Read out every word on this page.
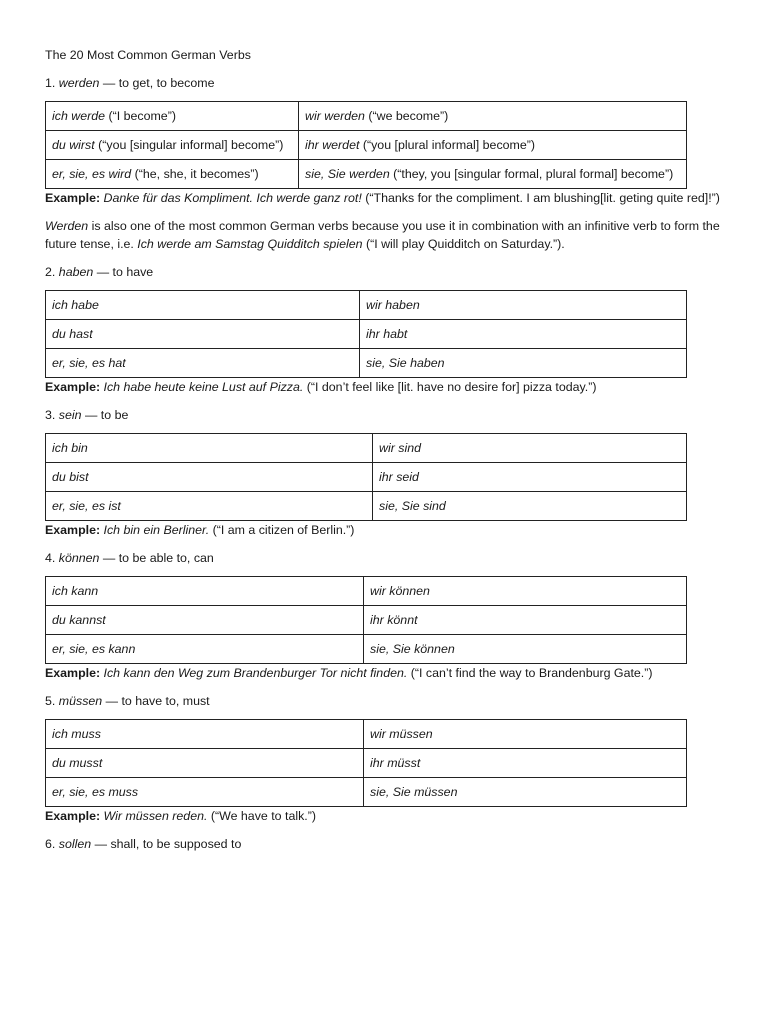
The 20 Most Common German Verbs

1. werden — to get, to become

ich werde (“I become”)	wir werden (“we become”)
du wirst (“you [singular informal] become”)	ihr werdet (“you [plural informal] become”)
er, sie, es wird (“he, she, it becomes”)	sie, Sie werden (“they, you [singular formal, plural formal] become”)

Example: Danke für das Kompliment. Ich werde ganz rot! (“Thanks for the compliment. I am blushing[lit. geting quite red]!”)

Werden is also one of the most common German verbs because you use it in combination with an infinitive verb to form the future tense, i.e. Ich werde am Samstag Quidditch spielen (“I will play Quidditch on Saturday.”).

2. haben — to have

ich habe	wir haben
du hast	ihr habt
er, sie, es hat	sie, Sie haben

Example: Ich habe heute keine Lust auf Pizza. (“I don’t feel like [lit. have no desire for] pizza today.”)

3. sein — to be

ich bin	wir sind
du bist	ihr seid
er, sie, es ist	sie, Sie sind

Example: Ich bin ein Berliner. (“I am a citizen of Berlin.”)

4. können — to be able to, can

ich kann	wir können
du kannst	ihr könnt
er, sie, es kann	sie, Sie können

Example: Ich kann den Weg zum Brandenburger Tor nicht finden. (“I can’t find the way to Brandenburg Gate.”)

5. müssen — to have to, must

ich muss	wir müssen
du musst	ihr müsst
er, sie, es muss	sie, Sie müssen

Example: Wir müssen reden. (“We have to talk.”)

6. sollen — shall, to be supposed to
